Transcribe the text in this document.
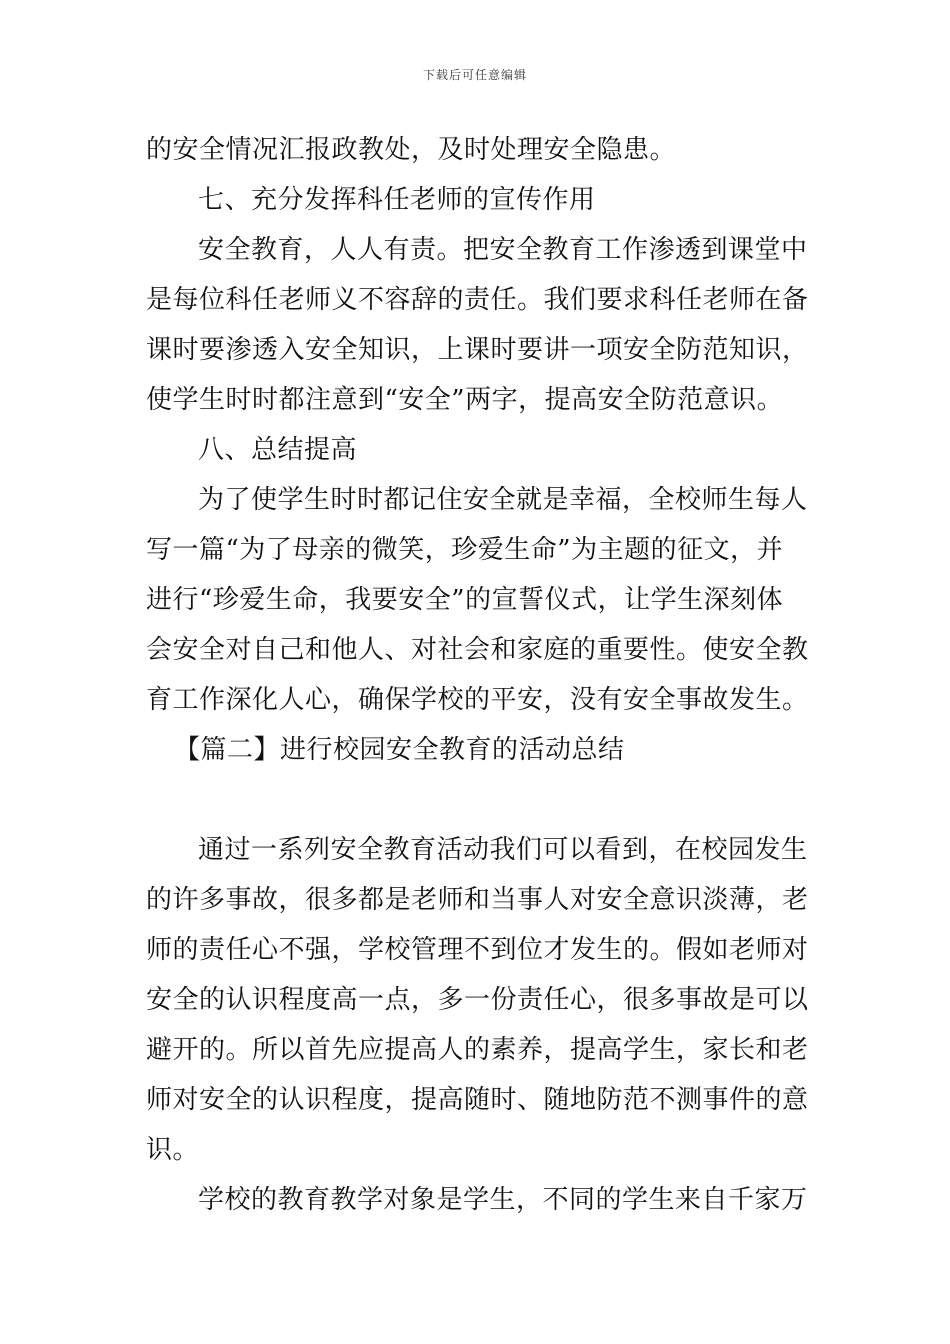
下载后可任意编辑
的安全情况汇报政教处，及时处理安全隐患。
七、充分发挥科任老师的宣传作用
安全教育，人人有责。把安全教育工作渗透到课堂中
是每位科任老师义不容辞的责任。我们要求科任老师在备
课时要渗透入安全知识，上课时要讲一项安全防范知识，
使学生时时都注意到“安全”两字，提高安全防范意识。
八、总结提高
为了使学生时时都记住安全就是幸福，全校师生每人
写一篇“为了母亲的微笑，珍爱生命”为主题的征文，并
进行“珍爱生命，我要安全”的宣誓仪式，让学生深刻体
会安全对自己和他人、对社会和家庭的重要性。使安全教
育工作深化人心，确保学校的平安，没有安全事故发生。
【篇二】进行校园安全教育的活动总结
通过一系列安全教育活动我们可以看到，在校园发生
的许多事故，很多都是老师和当事人对安全意识淡薄，老
师的责任心不强，学校管理不到位才发生的。假如老师对
安全的认识程度高一点，多一份责任心，很多事故是可以
避开的。所以首先应提高人的素养，提高学生，家长和老
师对安全的认识程度，提高随时、随地防范不测事件的意
识。
学校的教育教学对象是学生，不同的学生来自千家万
